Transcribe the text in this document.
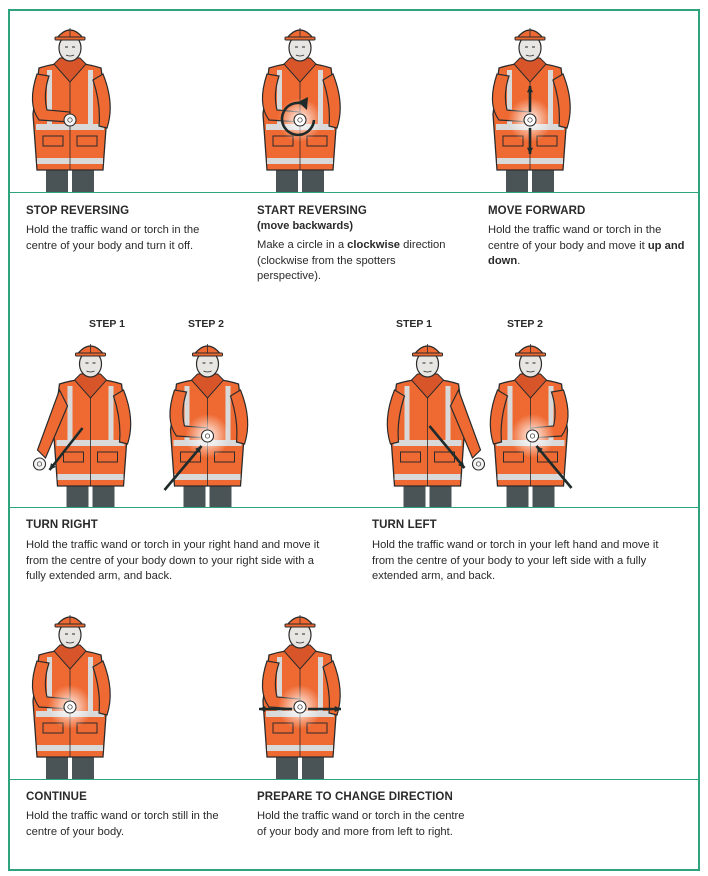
STOP REVERSING
Hold the traffic wand or torch in the centre of your body and turn it off.
START REVERSING
(move backwards)
Make a circle in a clockwise direction (clockwise from the spotters perspective).
MOVE FORWARD
Hold the traffic wand or torch in the centre of your body and move it up and down.
STEP 1	STEP 2	STEP 1	STEP 2
TURN RIGHT
Hold the traffic wand or torch in your right hand and move it from the centre of your body down to your right side with a fully extended arm, and back.
TURN LEFT
Hold the traffic wand or torch in your left hand and move it from the centre of your body to your left side with a fully extended arm, and back.
CONTINUE
Hold the traffic wand or torch still in the centre of your body.
PREPARE TO CHANGE DIRECTION
Hold the traffic wand or torch in the centre of your body and more from left to right.
